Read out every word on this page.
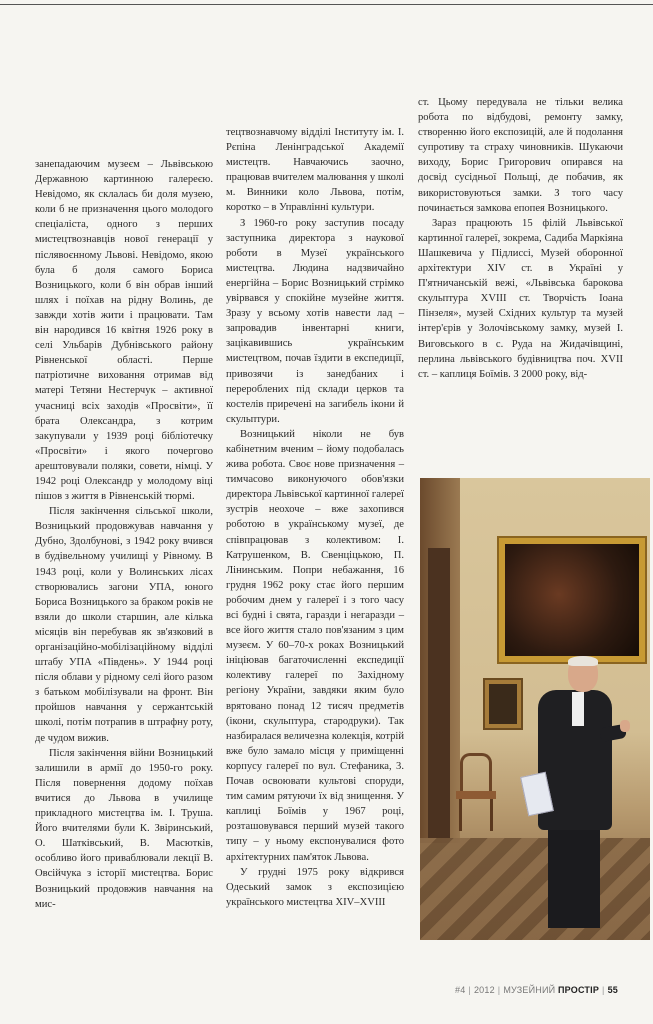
занепадаючим музеєм – Львівською Державною картинною галереєю. Невідомо, як склалась би доля музею, коли б не призначення цього молодого спеціаліста, одного з перших мистецтвознавців нової генерації у післявоєнному Львові. Невідомо, якою була б доля самого Бориса Возницького, коли б він обрав інший шлях і поїхав на рідну Волинь, де завжди хотів жити і працювати. Там він народився 16 квітня 1926 року в селі Ульбарів Дубнівського району Рівненської області. Перше патріотичне виховання отримав від матері Тетяни Нестерчук – активної учасниці всіх заходів «Просвіти», її брата Олександра, з котрим закупували у 1939 році бібліотечку «Просвіти» і якого почергово арештовували поляки, совети, німці. У 1942 році Олександр у молодому віці пішов з життя в Рівненській тюрмі.

Після закінчення сільської школи, Возницький продовжував навчання у Дубно, Здолбунові, з 1942 року вчився в будівельному училищі у Рівному. В 1943 році, коли у Волинських лісах створювались загони УПА, юного Бориса Возницького за браком років не взяли до школи старшин, але кілька місяців він перебував як зв'язковий в організаційно-мобілізаційному відділі штабу УПА «Південь». У 1944 році після облави у рідному селі його разом з батьком мобілізували на фронт. Він пройшов навчання у сержантській школі, потім потрапив в штрафну роту, де чудом вижив.

Після закінчення війни Возницький залишили в армії до 1950-го року. Після повернення додому поїхав вчитися до Львова в училище прикладного мистецтва ім. І. Труша. Його вчителями були К. Звіринський, О. Шатківський, В. Масютків, особливо його приваблювали лекції В. Овсійчука з історії мистецтва. Борис Возницький продовжив навчання на мис-

тецтвознавчому відділі Інституту ім. І. Рєпіна Ленінградської Академії мистецтв. Навчаючись заочно, працював вчителем малювання у школі м. Винники коло Львова, потім, коротко – в Управлінні культури.

З 1960-го року заступив посаду заступника директора з наукової роботи в Музеї українського мистецтва. Людина надзвичайно енергійна – Борис Возницький стрімко увірвався у спокійне музейне життя. Зразу у всьому хотів навести лад – запровадив інвентарні книги, зацікавившись українським мистецтвом, почав їздити в експедиції, привозячи із занедбаних і перероблених під склади церков та костелів приречені на загибель ікони й скульптури.

Возницький ніколи не був кабінетним вченим – йому подобалась жива робота. Своє нове призначення – тимчасово виконуючого обов'язки директора Львівської картинної галереї зустрів неохоче – вже захопився роботою в українському музеї, де співпрацював з колективом: І. Катрушенком, В. Свенціцькою, П. Лінинським. Попри небажання, 16 грудня 1962 року стає його першим робочим днем у галереї і з того часу всі будні і свята, гаразди і негаразди – все його життя стало пов'язаним з цим музеєм. У 60–70-х роках Возницький ініціював багаточисленні експедиції колективу галереї по Західному регіону України, завдяки яким було врятовано понад 12 тисяч предметів (ікони, скульптура, стародруки). Так назбиралася величезна колекція, котрій вже було замало місця у приміщенні корпусу галереї по вул. Стефаника, 3. Почав освоювати культові споруди, тим самим рятуючи їх від знищення. У каплиці Боїмів у 1967 році, розташовувався перший музей такого типу – у ньому експонувалися фото архітектурних пам'яток Львова.

У грудні 1975 року відкрився Одеський замок з експозицією українського мистецтва XIV–XVIII

ст. Цьому передувала не тільки велика робота по відбудові, ремонту замку, створенню його експозицій, але й подолання супротиву та страху чиновників. Шукаючи виходу, Борис Григорович опирався на досвід сусідньої Польщі, де побачив, як використовуються замки. З того часу починається замкова епопея Возницького.

Зараз працюють 15 філій Львівської картинної галереї, зокрема, Садиба Маркіяна Шашкевича у Підлиссі, Музей оборонної архітектури XIV ст. в Україні у П'ятничанській вежі, «Львівська барокова скульптура XVIII ст. Творчість Іоана Пінзеля», музей Східних культур та музей інтер'єрів у Золочівському замку, музей І. Виговського в с. Руда на Жидачівщині, перлина львівського будівництва поч. XVII ст. – каплиця Боїмів. З 2000 року, від-

#4 | 2012 | МУЗЕЙНИЙ ПРОСТІР | 55
